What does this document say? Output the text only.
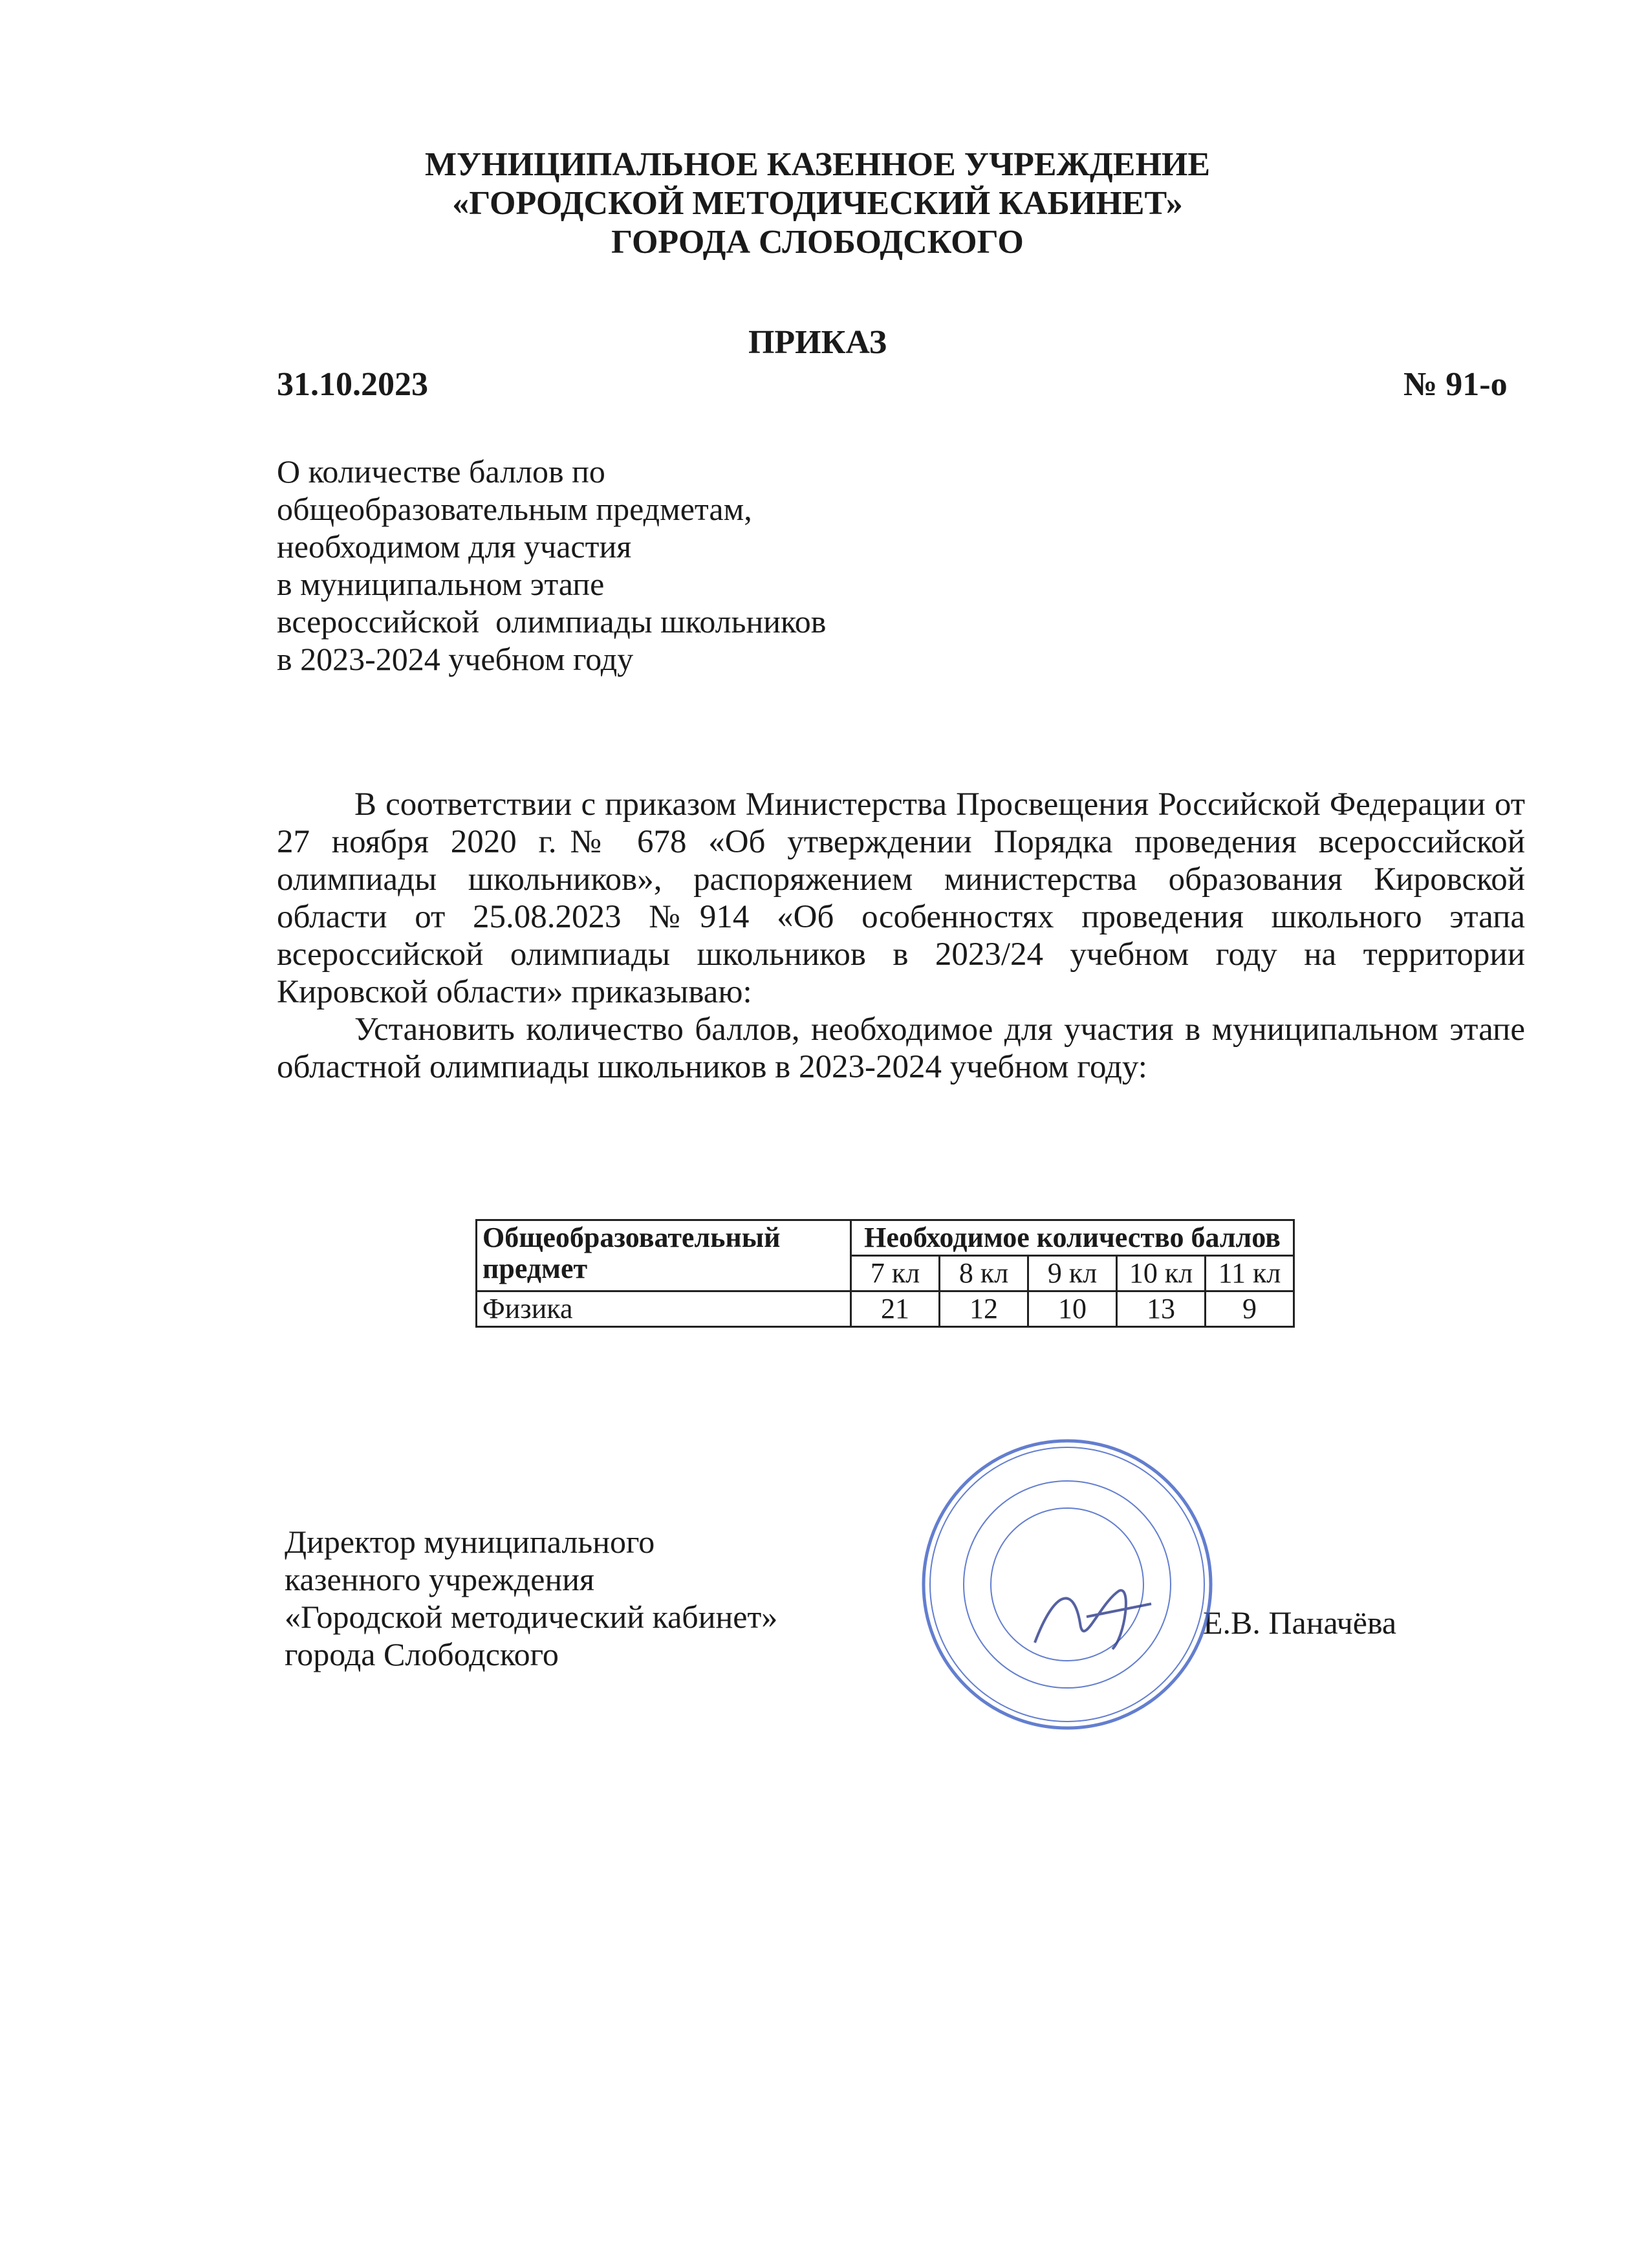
МУНИЦИПАЛЬНОЕ КАЗЕННОЕ УЧРЕЖДЕНИЕ
«ГОРОДСКОЙ МЕТОДИЧЕСКИЙ КАБИНЕТ»
ГОРОДА СЛОБОДСКОГО
ПРИКАЗ
31.10.2023	№ 91-о
О количестве баллов по
общеобразовательным предметам,
необходимом для участия
в муниципальном этапе
всероссийской  олимпиады школьников
в 2023-2024 учебном году

В соответствии с приказом Министерства Просвещения Российской Федерации от 27 ноября 2020 г.№ 678 «Об утверждении Порядка проведения всероссийской олимпиады школьников», распоряжением министерства образования Кировской области от 25.08.2023 №914 «Об особенностях проведения школьного этапа всероссийской олимпиады школьников в 2023/24 учебном году на территории Кировской области» приказываю:

Установить количество баллов, необходимое для участия в муниципальном этапе областной олимпиады школьников в 2023-2024 учебном году:

Общеобразовательный предмет	Необходимое количество баллов				
	7 кл	8 кл	9 кл	10 кл	11 кл
Физика	21	12	10	13	9
Директор муниципального
казенного учреждения
«Городской методический кабинет»
города Слободского
Е.В. Паначёва
